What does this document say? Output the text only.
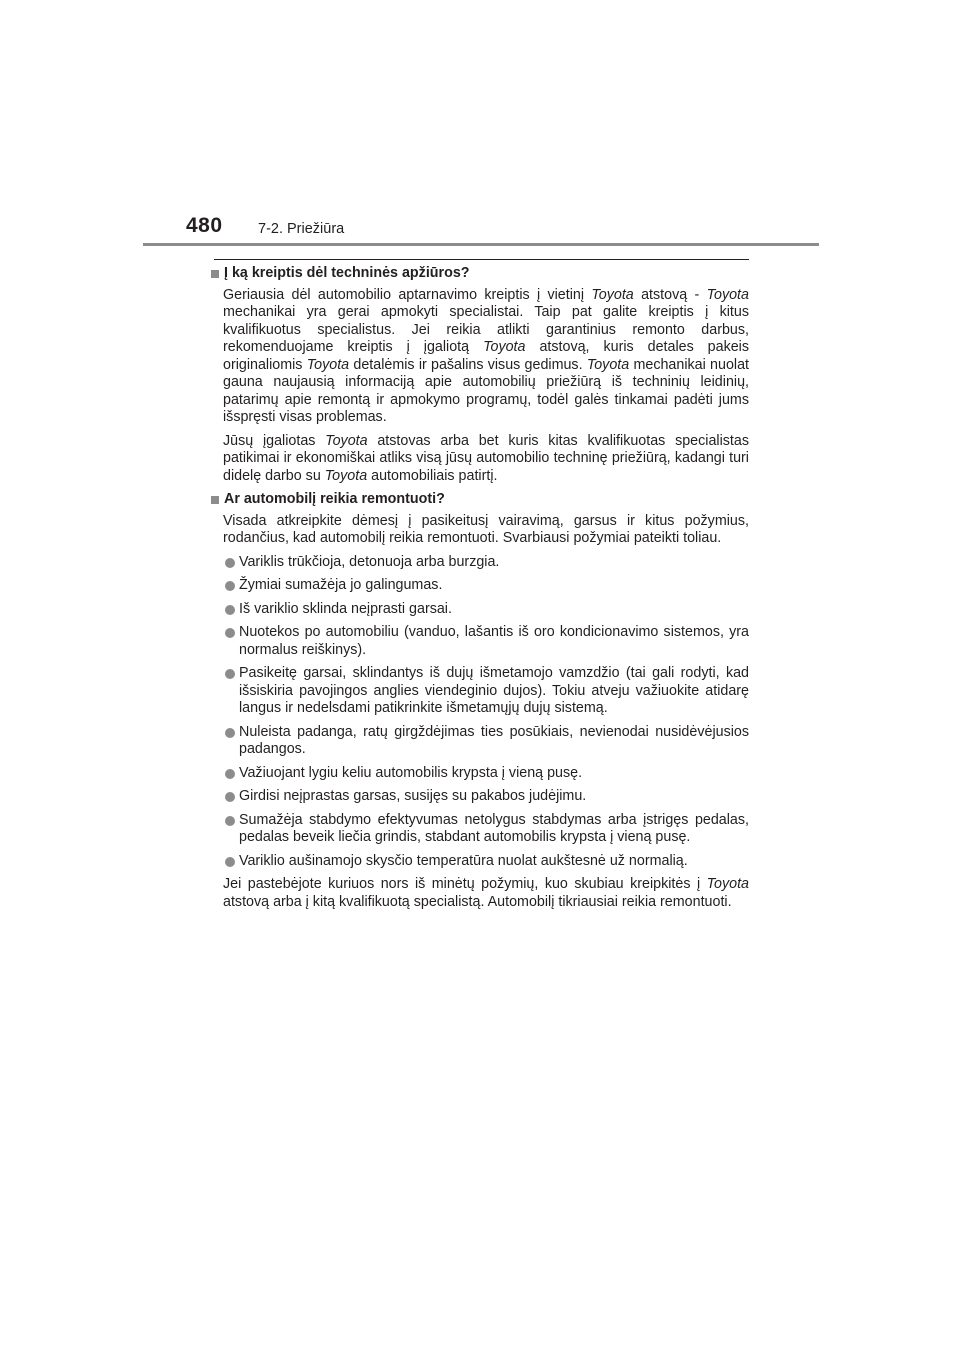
480 7-2. Priežiūra
Į ką kreiptis dėl techninės apžiūros?

Geriausia dėl automobilio aptarnavimo kreiptis į vietinį Toyota atstovą - Toyota mechanikai yra gerai apmokyti specialistai. Taip pat galite kreiptis į kitus kvalifikuotus specialistus. Jei reikia atlikti garantinius remonto darbus, rekomenduojame kreiptis į įgaliotą Toyota atstovą, kuris detales pakeis originaliomis Toyota detalėmis ir pašalins visus gedimus. Toyota mechanikai nuolat gauna naujausią informaciją apie automobilių priežiūrą iš techninių leidinių, patarimų apie remontą ir apmokymo programų, todėl galės tinkamai padėti jums išspręsti visas problemas.

Jūsų įgaliotas Toyota atstovas arba bet kuris kitas kvalifikuotas specialistas patikimai ir ekonomiškai atliks visą jūsų automobilio techninę priežiūrą, kadangi turi didelę darbo su Toyota automobiliais patirtį.

Ar automobilį reikia remontuoti?

Visada atkreipkite dėmesį į pasikeitusį vairavimą, garsus ir kitus požymius, rodančius, kad automobilį reikia remontuoti. Svarbiausi požymiai pateikti toliau.

Variklis trūkčioja, detonuoja arba burzgia.
Žymiai sumažėja jo galingumas.
Iš variklio sklinda neįprasti garsai.
Nuotekos po automobiliu (vanduo, lašantis iš oro kondicionavimo sistemos, yra normalus reiškinys).
Pasikeitę garsai, sklindantys iš dujų išmetamojo vamzdžio (tai gali rodyti, kad išsiskiria pavojingos anglies viendeginio dujos). Tokiu atveju važiuokite atidarę langus ir nedelsdami patikrinkite išmetamųjų dujų sistemą.
Nuleista padanga, ratų girgždėjimas ties posūkiais, nevienodai nusidėvėjusios padangos.
Važiuojant lygiu keliu automobilis krypsta į vieną pusę.
Girdisi neįprastas garsas, susijęs su pakabos judėjimu.
Sumažėja stabdymo efektyvumas netolygus stabdymas arba įstrigęs pedalas, pedalas beveik liečia grindis, stabdant automobilis krypsta į vieną pusę.
Variklio aušinamojo skysčio temperatūra nuolat aukštesnė už normalią.

Jei pastebėjote kuriuos nors iš minėtų požymių, kuo skubiau kreipkitės į Toyota atstovą arba į kitą kvalifikuotą specialistą. Automobilį tikriausiai reikia remontuoti.
